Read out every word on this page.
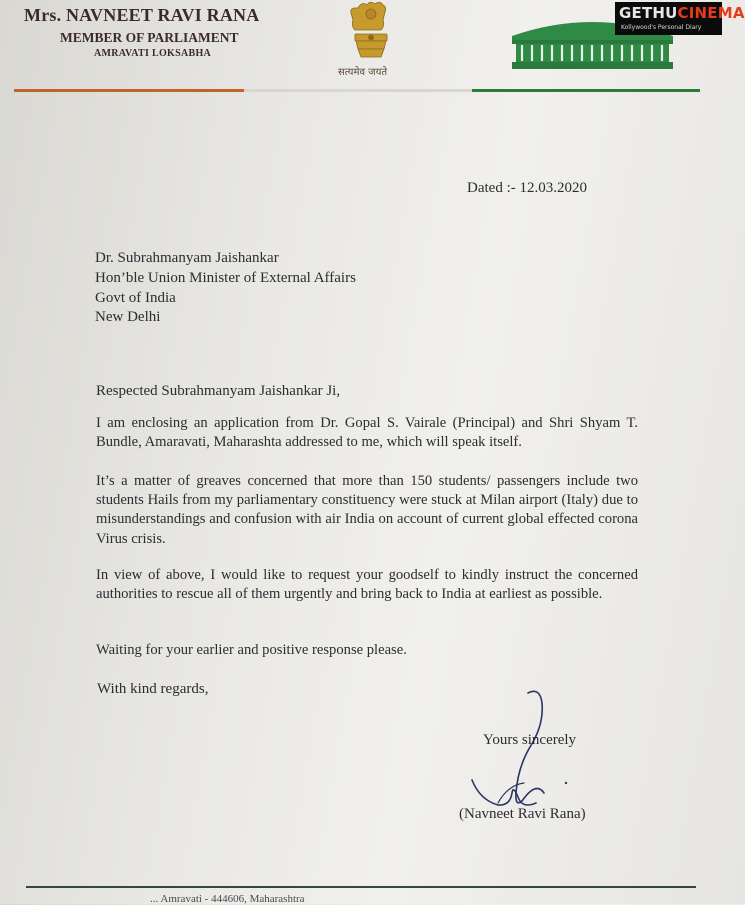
Mrs. NAVNEET RAVI RANA
MEMBER OF PARLIAMENT
AMRAVATI LOKSABHA
सत्यमेव जयते
GETHUCINEMA
Kollywood's Personal Diary
Dated :- 12.03.2020
Dr. Subrahmanyam Jaishankar
Hon’ble Union Minister of External Affairs
Govt of India
New Delhi
Respected Subrahmanyam Jaishankar Ji,
I am enclosing an application from Dr. Gopal S. Vairale (Principal) and Shri Shyam T. Bundle, Amaravati, Maharashta addressed to me, which will speak itself.
It’s a matter of greaves concerned that more than 150 students/ passengers include two students Hails from my parliamentary constituency were stuck at Milan airport (Italy) due to misunderstandings and confusion with air India on account of current global effected corona Virus crisis.
In view of above, I would like to request your goodself to kindly instruct the concerned authorities to rescue all of them urgently and bring back to India at earliest as possible.
Waiting for your earlier and positive response please.
With kind regards,
Yours sincerely
(Navneet Ravi Rana)
... Amravati - 444606, Maharashtra
